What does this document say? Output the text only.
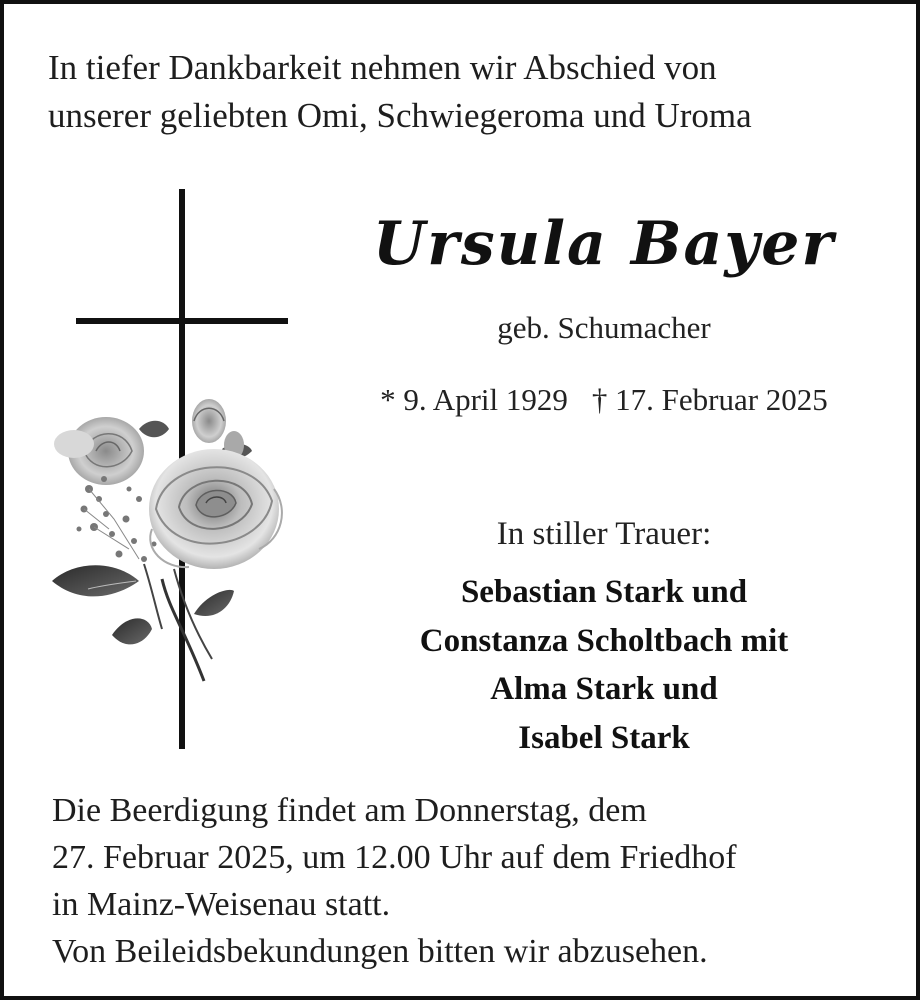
In tiefer Dankbarkeit nehmen wir Abschied von
unserer geliebten Omi, Schwiegeroma und Uroma
Ursula Bayer
geb. Schumacher
* 9. April 1929 † 17. Februar 2025
In stiller Trauer:
Sebastian Stark und
Constanza Scholtbach mit
Alma Stark und
Isabel Stark
Die Beerdigung findet am Donnerstag, dem
27. Februar 2025, um 12.00 Uhr auf dem Friedhof
in Mainz-Weisenau statt.
Von Beileidsbekundungen bitten wir abzusehen.
